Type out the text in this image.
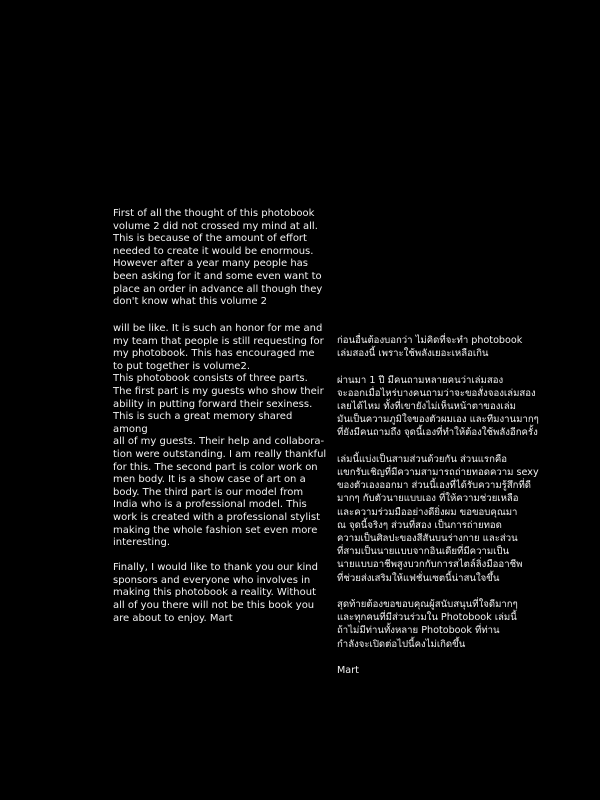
First of all the thought of this photobook
volume 2 did not crossed my mind at all.
This is because of the amount of effort
needed to create it would be enormous.
However after a year many people has
been asking for it and some even want to
place an order in advance all though they
don't know what this volume 2

will be like. It is such an honor for me and
my team that people is still requesting for
my photobook. This has encouraged me
to put together is volume2.
This photobook consists of three parts.
The first part is my guests who show their
ability in putting forward their sexiness.
This is such a great memory shared among
all of my guests. Their help and collabora-
tion were outstanding. I am really thankful
for this. The second part is color work on
men body. It is a show case of art on a
body. The third part is our model from
India who is a professional model. This
work is created with a professional stylist
making the whole fashion set even more
interesting.

Finally, I would like to thank you our kind
sponsors and everyone who involves in
making this photobook a reality. Without
all of you there will not be this book you
are about to enjoy. Mart

ก่อนอื่นต้องบอกว่า ไม่คิดที่จะทำ photobook
เล่มสองนี้ เพราะใช้พลังเยอะเหลือเกิน

ผ่านมา 1 ปี มีคนถามหลายคนว่าเล่มสอง
จะออกเมื่อไหร่บางคนถามว่าจะขอสั่งจองเล่มสอง
เลยได้ไหม ทั้งที่เขายังไม่เห็นหน้าตาของเล่ม
มันเป็นความภูมิใจของตัวผมเอง และทีมงานมากๆ
ที่ยังมีคนถามถึง จุดนี้เองที่ทำให้ต้องใช้พลังอีกครั้ง

เล่มนี้แบ่งเป็นสามส่วนด้วยกัน ส่วนแรกคือ
แขกรับเชิญที่มีความสามารถถ่ายทอดความ sexy
ของตัวเองออกมา ส่วนนี้เองที่ได้รับความรู้สึกที่ดี
มากๆ กับตัวนายแบบเอง ที่ให้ความช่วยเหลือ
และความร่วมมืออย่างดียิ่งผม ขอขอบคุณมา
ณ จุดนี้จริงๆ ส่วนที่สอง เป็นการถ่ายทอด
ความเป็นศิลปะของสีสันบนร่างกาย และส่วน
ที่สามเป็นนายแบบจากอินเดียที่มีความเป็น
นายแบบอาชีพสูงบวกกับการสไตล์ลิ่งมืออาชีพ
ที่ช่วยส่งเสริมให้แฟชั่นเซตนี้น่าสนใจขึ้น

สุดท้ายต้องขอขอบคุณผู้สนับสนุนที่ใจดีมากๆ
และทุกคนที่มีส่วนร่วมใน Photobook เล่มนี้
ถ้าไม่มีท่านทั้งหลาย Photobook ที่ท่าน
กำลังจะเปิดต่อไปนี้คงไม่เกิดขึ้น

Mart
